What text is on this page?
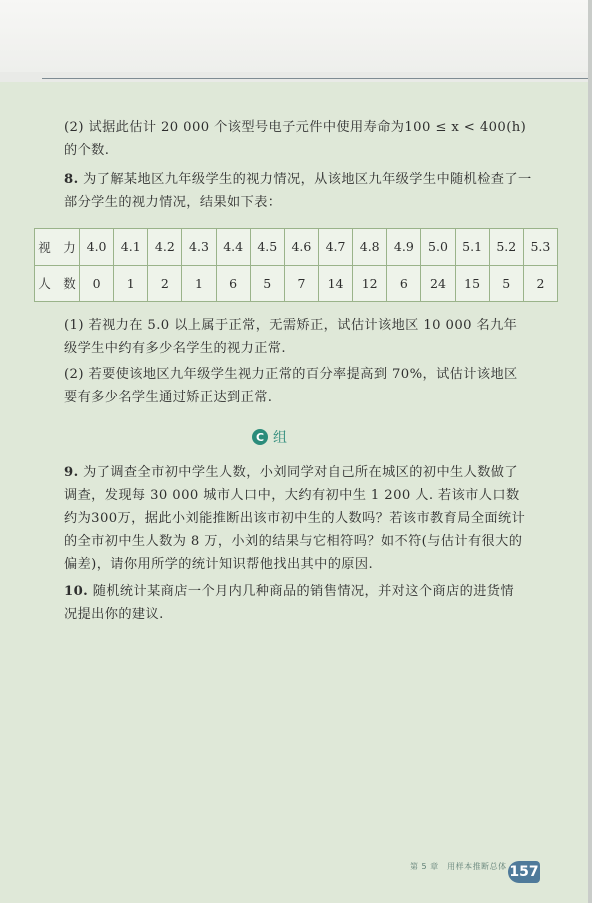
(2) 试据此估计 20 000 个该型号电子元件中使用寿命为100 ≤ x < 400(h)的个数.
8. 为了解某地区九年级学生的视力情况，从该地区九年级学生中随机检查了一部分学生的视力情况，结果如下表：
视　力	4.0	4.1	4.2	4.3	4.4	4.5	4.6	4.7	4.8	4.9	5.0	5.1	5.2	5.3
人　数	0	1	2	1	6	5	7	14	12	6	24	15	5	2
(1) 若视力在 5.0 以上属于正常，无需矫正，试估计该地区 10 000 名九年级学生中约有多少名学生的视力正常.
(2) 若要使该地区九年级学生视力正常的百分率提高到 70%，试估计该地区要有多少名学生通过矫正达到正常.
C 组
9. 为了调查全市初中学生人数，小刘同学对自己所在城区的初中生人数做了调查，发现每 30 000 城市人口中，大约有初中生 1 200 人. 若该市人口数约为300万，据此小刘能推断出该市初中生的人数吗？若该市教育局全面统计的全市初中生人数为 8 万，小刘的结果与它相符吗？如不符(与估计有很大的偏差)，请你用所学的统计知识帮他找出其中的原因.
10. 随机统计某商店一个月内几种商品的销售情况，并对这个商店的进货情况提出你的建议.
第 5 章　用样本推断总体 157
